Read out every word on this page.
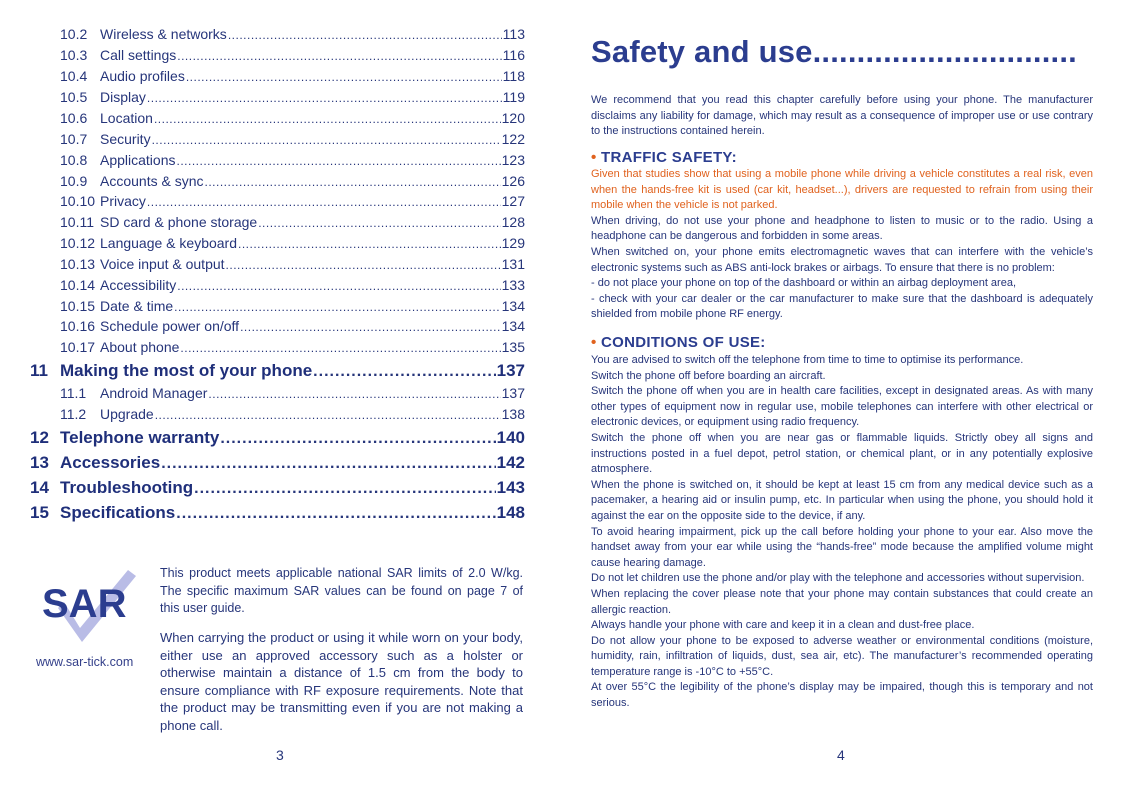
10.2 Wireless & networks .....	113
10.3 Call settings .....	116
10.4 Audio profiles .....	118
10.5 Display .....	119
10.6 Location .....	120
10.7 Security .....	122
10.8 Applications .....	123
10.9 Accounts & sync .....	126
10.10 Privacy .....	127
10.11 SD card & phone storage .....	128
10.12 Language & keyboard .....	129
10.13 Voice input & output .....	131
10.14 Accessibility .....	133
10.15 Date & time .....	134
10.16 Schedule power on/off .....	134
10.17 About phone .....	135
11 Making the most of your phone .....	137
11.1 Android Manager .....	137
11.2 Upgrade .....	138
12 Telephone warranty .....	140
13 Accessories .....	142
14 Troubleshooting .....	143
15 Specifications .....	148
SAR
www.sar-tick.com

This product meets applicable national SAR limits of 2.0 W/kg. The specific maximum SAR values can be found on page 7 of this user guide.

When carrying the product or using it while worn on your body, either use an approved accessory such as a holster or otherwise maintain a distance of 1.5 cm from the body to ensure compliance with RF exposure requirements. Note that the product may be transmitting even if you are not making a phone call.

3
Safety and use..............................

We recommend that you read this chapter carefully before using your phone. The manufacturer disclaims any liability for damage, which may result as a consequence of improper use or use contrary to the instructions contained herein.

• TRAFFIC SAFETY:

Given that studies show that using a mobile phone while driving a vehicle constitutes a real risk, even when the hands-free kit is used (car kit, headset...), drivers are requested to refrain from using their mobile when the vehicle is not parked.

When driving, do not use your phone and headphone to listen to music or to the radio. Using a headphone can be dangerous and forbidden in some areas.

When switched on, your phone emits electromagnetic waves that can interfere with the vehicle’s electronic systems such as ABS anti-lock brakes or airbags. To ensure that there is no problem:

- do not place your phone on top of the dashboard or within an airbag deployment area,

- check with your car dealer or the car manufacturer to make sure that the dashboard is adequately shielded from mobile phone RF energy.

• CONDITIONS OF USE:

You are advised to switch off the telephone from time to time to optimise its performance.

Switch the phone off before boarding an aircraft.

Switch the phone off when you are in health care facilities, except in designated areas. As with many other types of equipment now in regular use, mobile telephones can interfere with other electrical or electronic devices, or equipment using radio frequency.

Switch the phone off when you are near gas or flammable liquids. Strictly obey all signs and instructions posted in a fuel depot, petrol station, or chemical plant, or in any potentially explosive atmosphere.

When the phone is switched on, it should be kept at least 15 cm from any medical device such as a pacemaker, a hearing aid or insulin pump, etc. In particular when using the phone, you should hold it against the ear on the opposite side to the device, if any.

To avoid hearing impairment, pick up the call before holding your phone to your ear. Also move the handset away from your ear while using the “hands-free” mode because the amplified volume might cause hearing damage.

Do not let children use the phone and/or play with the telephone and accessories without supervision.

When replacing the cover please note that your phone may contain substances that could create an allergic reaction.

Always handle your phone with care and keep it in a clean and dust-free place.

Do not allow your phone to be exposed to adverse weather or environmental conditions (moisture, humidity, rain, infiltration of liquids, dust, sea air, etc). The manufacturer’s recommended operating temperature range is -10°C to +55°C.

At over 55°C the legibility of the phone’s display may be impaired, though this is temporary and not serious.

4
